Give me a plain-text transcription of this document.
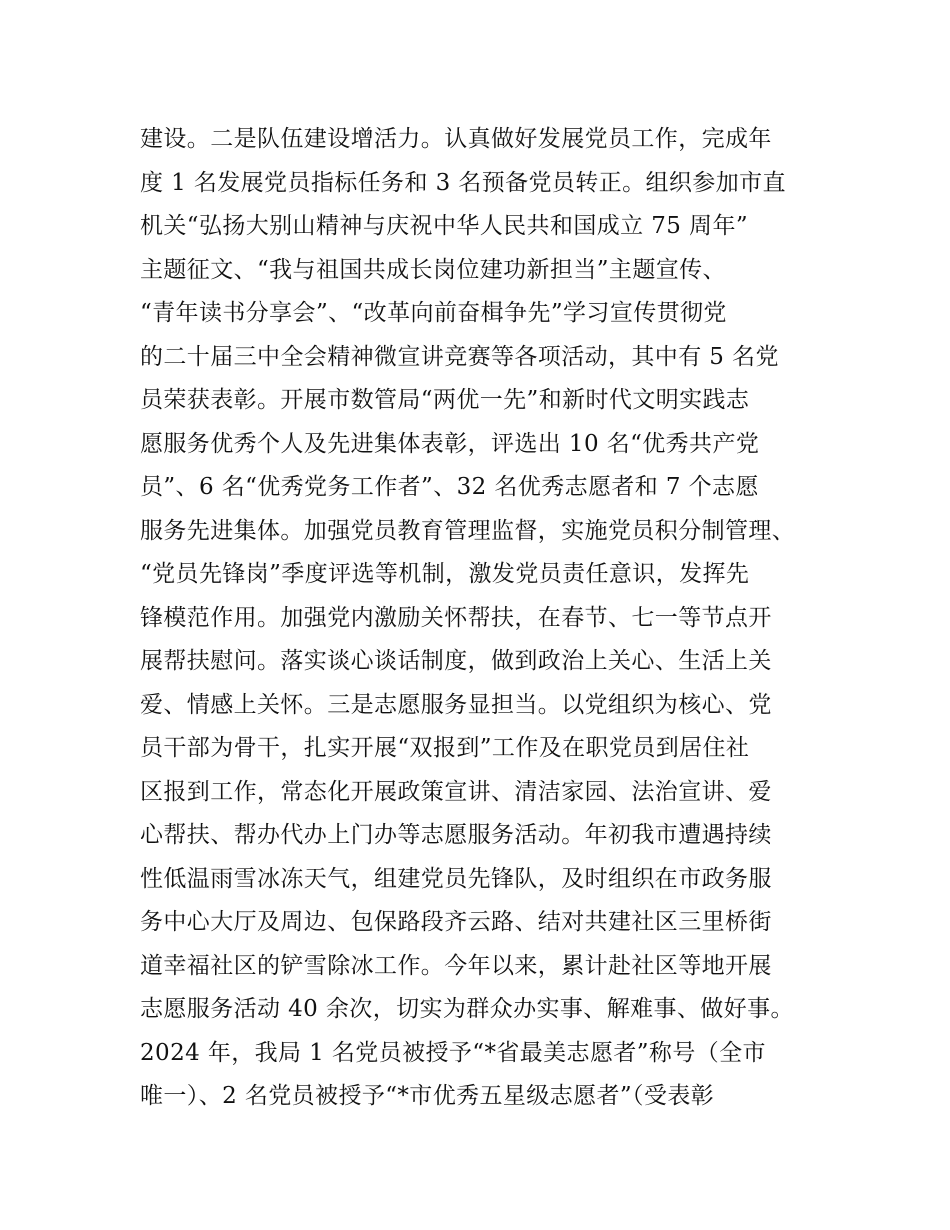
建设。二是队伍建设增活力。认真做好发展党员工作，完成年
度 1 名发展党员指标任务和 3 名预备党员转正。组织参加市直
机关“弘扬大别山精神与庆祝中华人民共和国成立 75 周年”
主题征文、“我与祖国共成长岗位建功新担当”主题宣传、
“青年读书分享会”、“改革向前奋楫争先”学习宣传贯彻党
的二十届三中全会精神微宣讲竞赛等各项活动，其中有 5 名党
员荣获表彰。开展市数管局“两优一先”和新时代文明实践志
愿服务优秀个人及先进集体表彰，评选出 10 名“优秀共产党
员”、6 名“优秀党务工作者”、32 名优秀志愿者和 7 个志愿
服务先进集体。加强党员教育管理监督，实施党员积分制管理、
“党员先锋岗”季度评选等机制，激发党员责任意识，发挥先
锋模范作用。加强党内激励关怀帮扶，在春节、七一等节点开
展帮扶慰问。落实谈心谈话制度，做到政治上关心、生活上关
爱、情感上关怀。三是志愿服务显担当。以党组织为核心、党
员干部为骨干，扎实开展“双报到”工作及在职党员到居住社
区报到工作，常态化开展政策宣讲、清洁家园、法治宣讲、爱
心帮扶、帮办代办上门办等志愿服务活动。年初我市遭遇持续
性低温雨雪冰冻天气，组建党员先锋队，及时组织在市政务服
务中心大厅及周边、包保路段齐云路、结对共建社区三里桥街
道幸福社区的铲雪除冰工作。今年以来，累计赴社区等地开展
志愿服务活动 40 余次，切实为群众办实事、解难事、做好事。
2024 年，我局 1 名党员被授予“*省最美志愿者”称号（全市
唯一）、2 名党员被授予“*市优秀五星级志愿者”（受表彰
